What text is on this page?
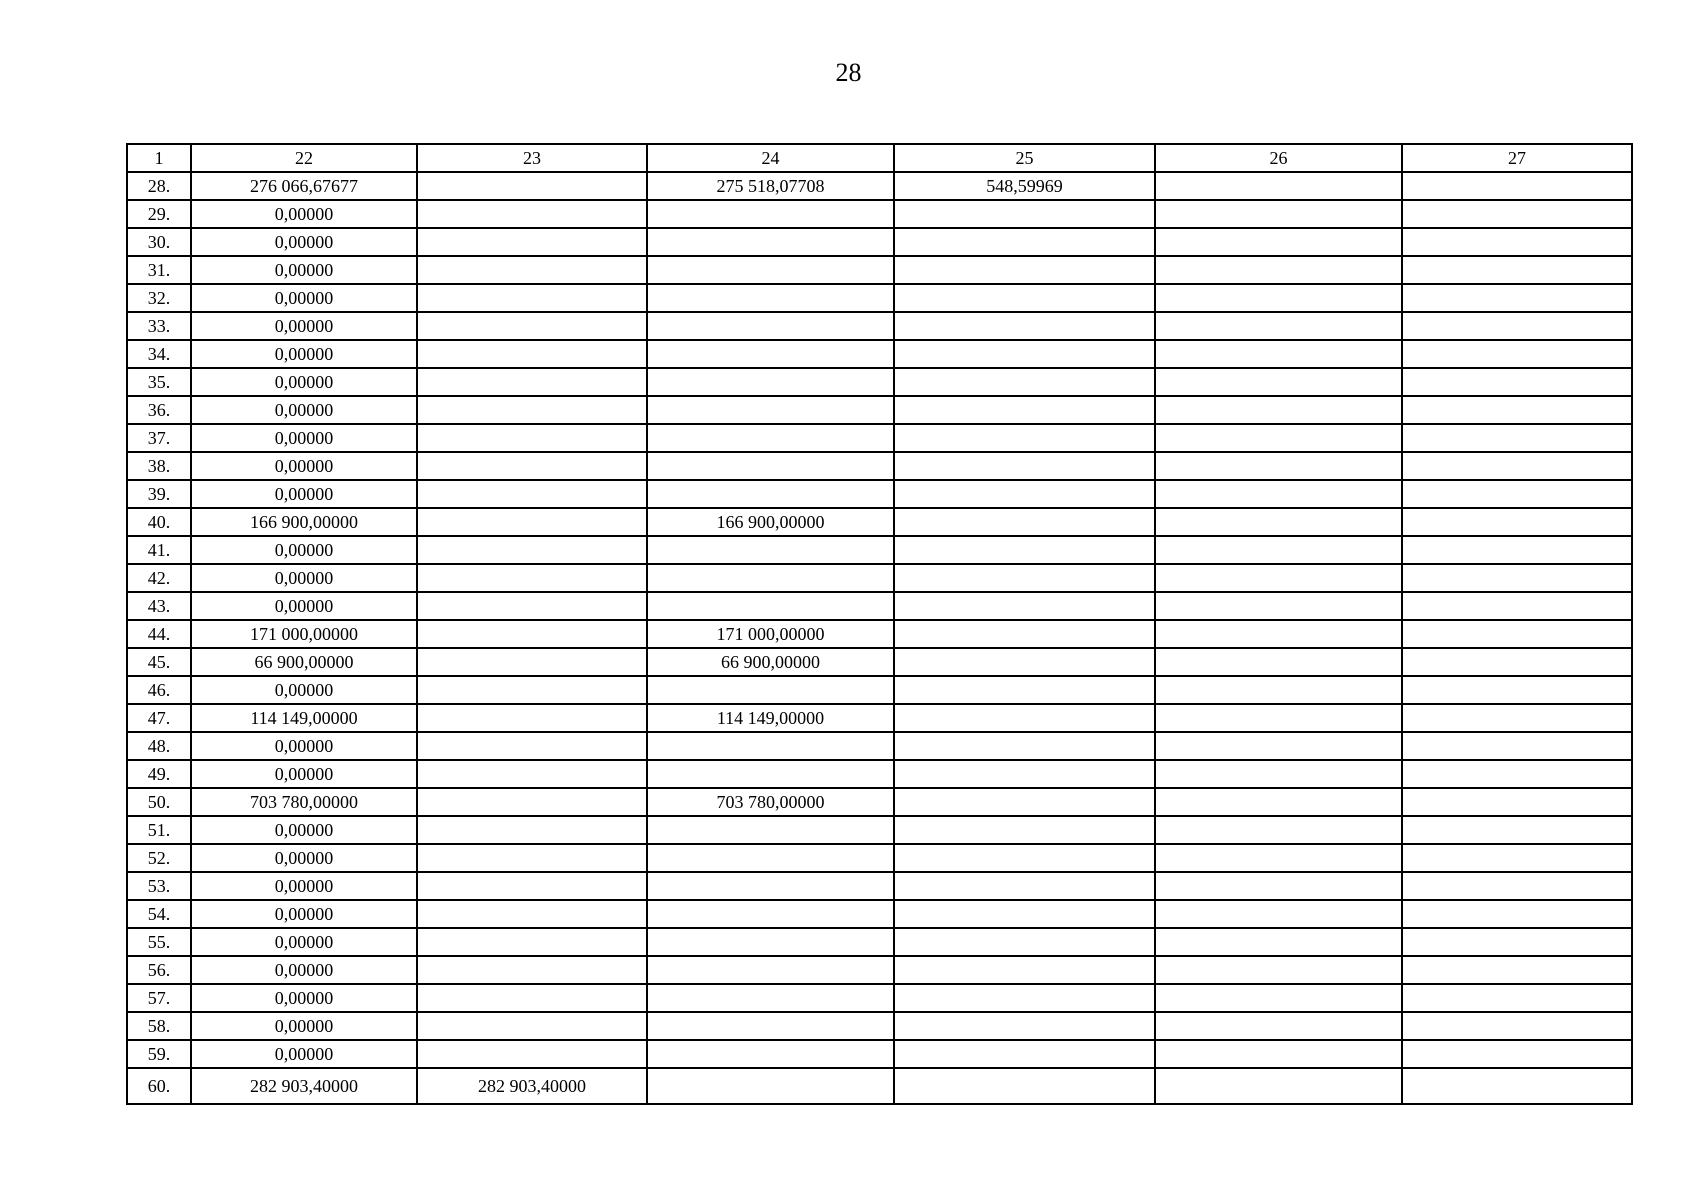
28
1	22	23	24	25	26	27
28.	276 066,67677		275 518,07708	548,59969		
29.	0,00000					
30.	0,00000					
31.	0,00000					
32.	0,00000					
33.	0,00000					
34.	0,00000					
35.	0,00000					
36.	0,00000					
37.	0,00000					
38.	0,00000					
39.	0,00000					
40.	166 900,00000		166 900,00000			
41.	0,00000					
42.	0,00000					
43.	0,00000					
44.	171 000,00000		171 000,00000			
45.	66 900,00000		66 900,00000			
46.	0,00000					
47.	114 149,00000		114 149,00000			
48.	0,00000					
49.	0,00000					
50.	703 780,00000		703 780,00000			
51.	0,00000					
52.	0,00000					
53.	0,00000					
54.	0,00000					
55.	0,00000					
56.	0,00000					
57.	0,00000					
58.	0,00000					
59.	0,00000					
60.	282 903,40000	282 903,40000				
